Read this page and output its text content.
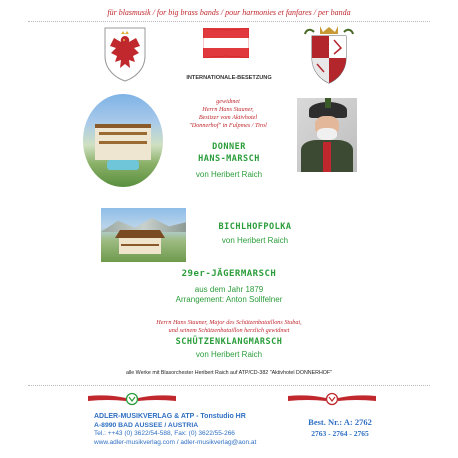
für blasmusik / for big brass bands / pour harmonies et fanfares / per banda
INTERNATIONALE-BESETZUNG
gewidmet
Herrn Hans Stauner,
Besitzer vom Aktivhotel
"Donnerhof" in Fulpmes / Tirol
DONNER
HANS-MARSCH
von Heribert Raich
BICHLHOFPOLKA
von Heribert Raich
29er-JÄGERMARSCH
aus dem Jahr 1879
Arrangement: Anton Sollfelner
Herrn Hans Stauner, Major des Schützenbataillons Stubai,
und seinem Schützenbataillon herzlich gewidmet
SCHÜTZENKLANGMARSCH
von Heribert Raich
alle Werke mit Blasorchester Heribert Raich auf ATP/CD-382 "Aktivhotel DONNERHOF"
ADLER-MUSIKVERLAG & ATP - Tonstudio HR
A-8990 BAD AUSSEE / AUSTRIA
Tel.: ++43 (0) 3622/54-588, Fax: (0) 3622/55-266
www.adler-musikverlag.com / adler-musikverlag@aon.at
Best. Nr.: A: 2762
2763 - 2764 - 2765
